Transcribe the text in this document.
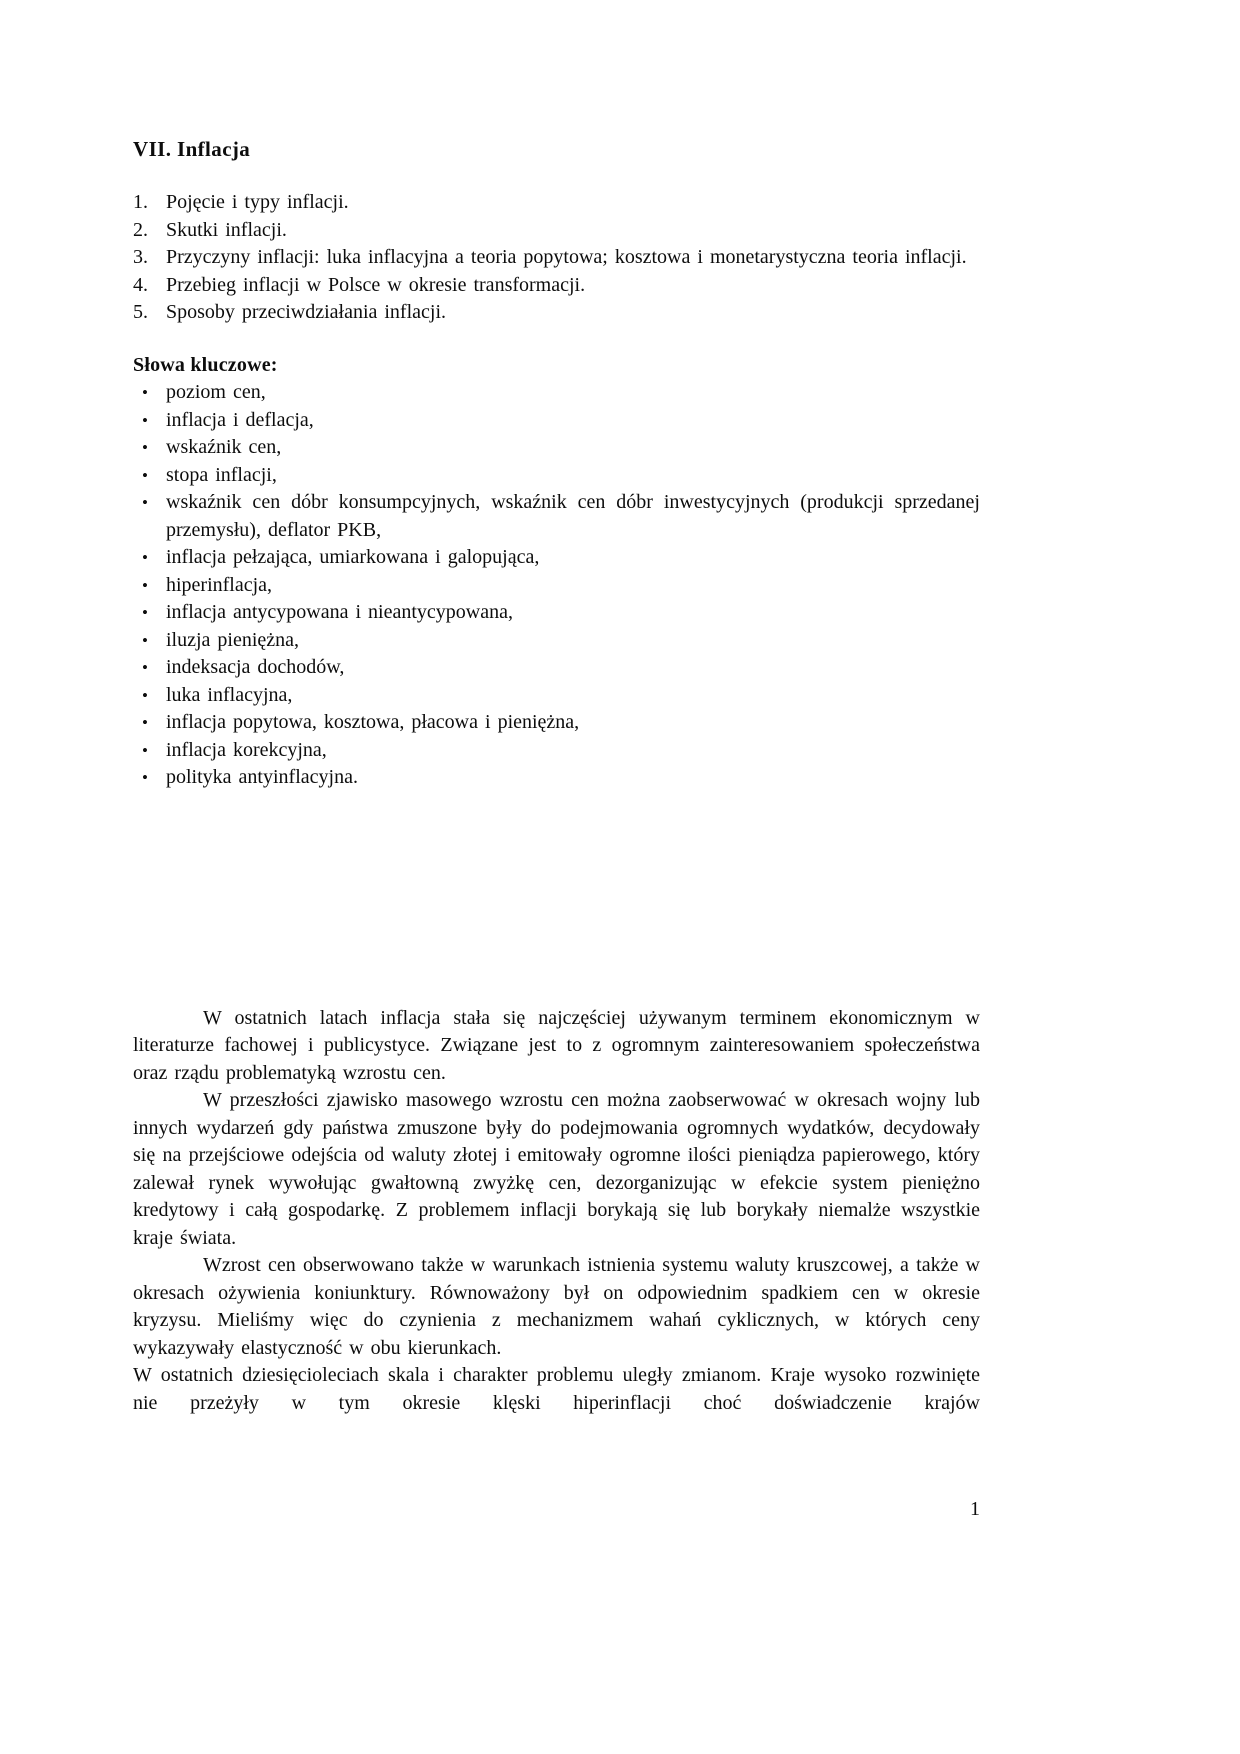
VII. Inflacja
1. Pojęcie i typy inflacji.
2. Skutki inflacji.
3. Przyczyny inflacji: luka inflacyjna a teoria popytowa; kosztowa i monetarystyczna teoria inflacji.
4. Przebieg inflacji w Polsce w okresie transformacji.
5. Sposoby przeciwdziałania inflacji.
Słowa kluczowe:
• poziom cen,
• inflacja i deflacja,
• wskaźnik cen,
• stopa inflacji,
• wskaźnik cen dóbr konsumpcyjnych, wskaźnik cen dóbr inwestycyjnych (produkcji sprzedanej przemysłu), deflator PKB,
• inflacja pełzająca, umiarkowana i galopująca,
• hiperinflacja,
• inflacja antycypowana i nieantycypowana,
• iluzja pieniężna,
• indeksacja dochodów,
• luka inflacyjna,
• inflacja popytowa, kosztowa, płacowa i pieniężna,
• inflacja korekcyjna,
• polityka antyinflacyjna.

W ostatnich latach inflacja stała się najczęściej używanym terminem ekonomicznym w literaturze fachowej i publicystyce. Związane jest to z ogromnym zainteresowaniem społeczeństwa oraz rządu problematyką wzrostu cen.

W przeszłości zjawisko masowego wzrostu cen można zaobserwować w okresach wojny lub innych wydarzeń gdy państwa zmuszone były do podejmowania ogromnych wydatków, decydowały się na przejściowe odejścia od waluty złotej i emitowały ogromne ilości pieniądza papierowego, który zalewał rynek wywołując gwałtowną zwyżkę cen, dezorganizując w efekcie system pieniężno kredytowy i całą gospodarkę. Z problemem inflacji borykają się lub borykały niemalże wszystkie kraje świata.

Wzrost cen obserwowano także w warunkach istnienia systemu waluty kruszcowej, a także w okresach ożywienia koniunktury. Równoważony był on odpowiednim spadkiem cen w okresie kryzysu. Mieliśmy więc do czynienia z mechanizmem wahań cyklicznych, w których ceny wykazywały elastyczność w obu kierunkach.

W ostatnich dziesięcioleciach skala i charakter problemu uległy zmianom. Kraje wysoko rozwinięte nie przeżyły w tym okresie klęski hiperinflacji choć doświadczenie krajów

1
